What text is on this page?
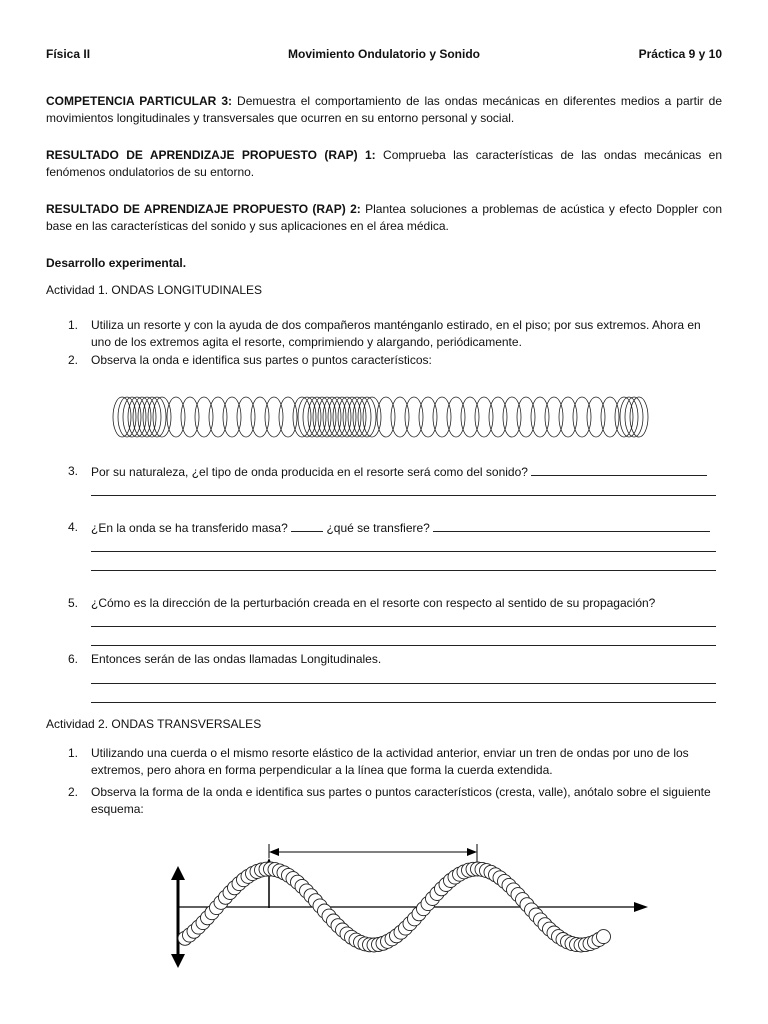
Física II	Movimiento Ondulatorio y Sonido	Práctica 9 y 10
COMPETENCIA PARTICULAR 3: Demuestra el comportamiento de las ondas mecánicas en diferentes medios a partir de movimientos longitudinales y transversales que ocurren en su entorno personal y social.
RESULTADO DE APRENDIZAJE PROPUESTO (RAP) 1: Comprueba las características de las ondas mecánicas en fenómenos ondulatorios de su entorno.
RESULTADO DE APRENDIZAJE PROPUESTO (RAP) 2: Plantea soluciones a problemas de acústica y efecto Doppler con base en las características del sonido y sus aplicaciones en el área médica.
Desarrollo experimental.
Actividad 1. ONDAS LONGITUDINALES
1.	Utiliza un resorte y con la ayuda de dos compañeros manténganlo estirado, en el piso; por sus extremos. Ahora en uno de los extremos agita el resorte, comprimiendo y alargando, periódicamente.
2.	Observa la onda e identifica sus partes o puntos característicos:
3.	Por su naturaleza, ¿el tipo de onda producida en el resorte será como del sonido?
4.	¿En la onda se ha transferido masa?	¿qué se transfiere?
5.	¿Cómo es la dirección de la perturbación creada en el resorte con respecto al sentido de su propagación?
6.	Entonces serán de las ondas llamadas Longitudinales.
Actividad 2. ONDAS TRANSVERSALES
1.	Utilizando una cuerda o el mismo resorte elástico de la actividad anterior, enviar un tren de ondas por uno de los extremos, pero ahora en forma perpendicular a la línea que forma la cuerda extendida.
2.	Observa la forma de la onda e identifica sus partes o puntos característicos (cresta, valle), anótalo sobre el siguiente esquema:
